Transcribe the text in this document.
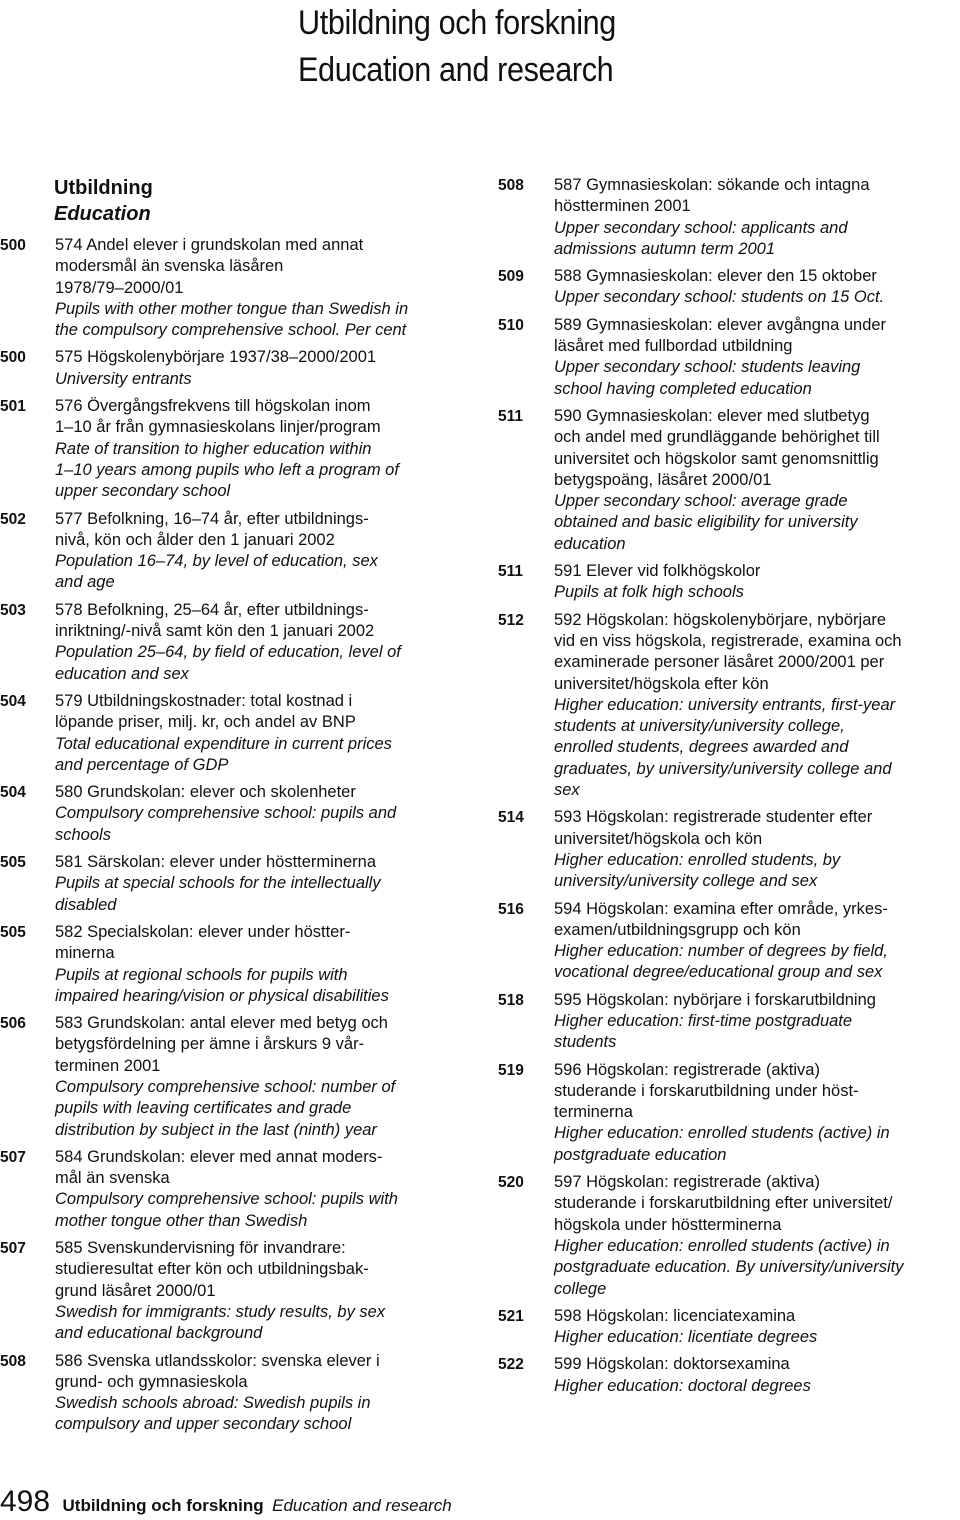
Utbildning och forskning
Education and research
Utbildning
Education
500 574 Andel elever i grundskolan med annat
modersmål än svenska läsåren
1978/79–2000/01
Pupils with other mother tongue than Swedish in
the compulsory comprehensive school. Per cent
500 575 Högskolenybörjare 1937/38–2000/2001
University entrants
501 576 Övergångsfrekvens till högskolan inom
1–10 år från gymnasieskolans linjer/program
Rate of transition to higher education within
1–10 years among pupils who left a program of
upper secondary school
502 577 Befolkning, 16–74 år, efter utbildnings-
nivå, kön och ålder den 1 januari 2002
Population 16–74, by level of education, sex
and age
503 578 Befolkning, 25–64 år, efter utbildnings-
inriktning/-nivå samt kön den 1 januari 2002
Population 25–64, by field of education, level of
education and sex
504 579 Utbildningskostnader: total kostnad i
löpande priser, milj. kr, och andel av BNP
Total educational expenditure in current prices
and percentage of GDP
504 580 Grundskolan: elever och skolenheter
Compulsory comprehensive school: pupils and
schools
505 581 Särskolan: elever under höstterminerna
Pupils at special schools for the intellectually
disabled
505 582 Specialskolan: elever under höstter-
minerna
Pupils at regional schools for pupils with
impaired hearing/vision or physical disabilities
506 583 Grundskolan: antal elever med betyg och
betygsfördelning per ämne i årskurs 9 vår-
terminen 2001
Compulsory comprehensive school: number of
pupils with leaving certificates and grade
distribution by subject in the last (ninth) year
507 584 Grundskolan: elever med annat moders-
mål än svenska
Compulsory comprehensive school: pupils with
mother tongue other than Swedish
507 585 Svenskundervisning för invandrare:
studieresultat efter kön och utbildningsbak-
grund läsåret 2000/01
Swedish for immigrants: study results, by sex
and educational background
508 586 Svenska utlandsskolor: svenska elever i
grund- och gymnasieskola
Swedish schools abroad: Swedish pupils in
compulsory and upper secondary school
508 587 Gymnasieskolan: sökande och intagna
höstterminen 2001
Upper secondary school: applicants and
admissions autumn term 2001
509 588 Gymnasieskolan: elever den 15 oktober
Upper secondary school: students on 15 Oct.
510 589 Gymnasieskolan: elever avgångna under
läsåret med fullbordad utbildning
Upper secondary school: students leaving
school having completed education
511 590 Gymnasieskolan: elever med slutbetyg
och andel med grundläggande behörighet till
universitet och högskolor samt genomsnittlig
betygspoäng, läsåret 2000/01
Upper secondary school: average grade
obtained and basic eligibility for university
education
511 591 Elever vid folkhögskolor
Pupils at folk high schools
512 592 Högskolan: högskolenybörjare, nybörjare
vid en viss högskola, registrerade, examina och
examinerade personer läsåret 2000/2001 per
universitet/högskola efter kön
Higher education: university entrants, first-year
students at university/university college,
enrolled students, degrees awarded and
graduates, by university/university college and
sex
514 593 Högskolan: registrerade studenter efter
universitet/högskola och kön
Higher education: enrolled students, by
university/university college and sex
516 594 Högskolan: examina efter område, yrkes-
examen/utbildningsgrupp och kön
Higher education: number of degrees by field,
vocational degree/educational group and sex
518 595 Högskolan: nybörjare i forskarutbildning
Higher education: first-time postgraduate
students
519 596 Högskolan: registrerade (aktiva)
studerande i forskarutbildning under höst-
terminerna
Higher education: enrolled students (active) in
postgraduate education
520 597 Högskolan: registrerade (aktiva)
studerande i forskarutbildning efter universitet/
högskola under höstterminerna
Higher education: enrolled students (active) in
postgraduate education. By university/university
college
521 598 Högskolan: licenciatexamina
Higher education: licentiate degrees
522 599 Högskolan: doktorsexamina
Higher education: doctoral degrees
498 Utbildning och forskning Education and research
